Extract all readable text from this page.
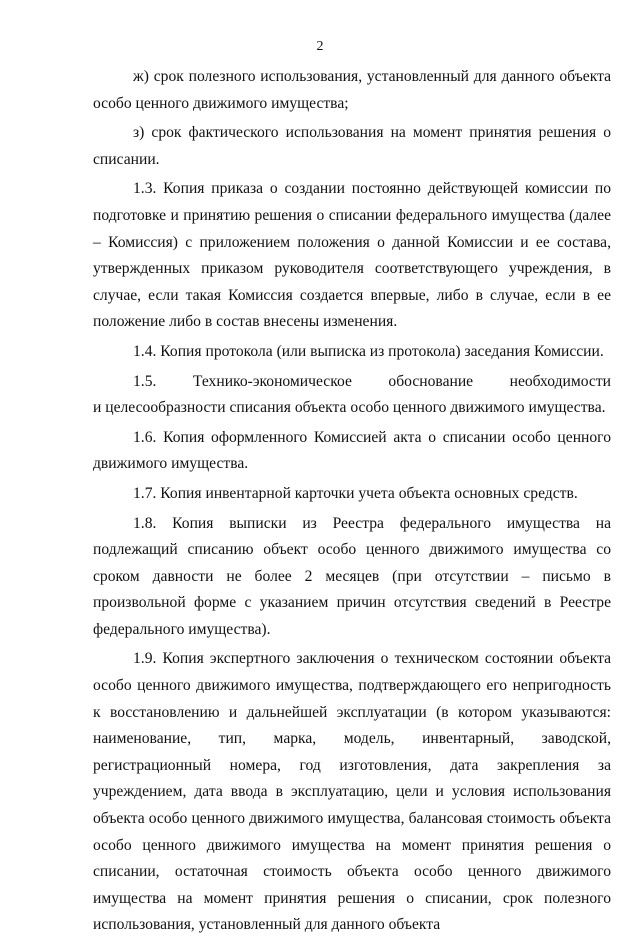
2

ж) срок полезного использования, установленный для данного объекта особо ценного движимого имущества;

з) срок фактического использования на момент принятия решения о списании.

1.3. Копия приказа о создании постоянно действующей комиссии по подготовке и принятию решения о списании федерального имущества (далее – Комиссия) с приложением положения о данной Комиссии и ее состава, утвержденных приказом руководителя соответствующего учреждения, в случае, если такая Комиссия создается впервые, либо в случае, если в ее положение либо в состав внесены изменения.

1.4. Копия протокола (или выписка из протокола) заседания Комиссии.

1.5. Технико-экономическое обоснование необходимости

и целесообразности списания объекта особо ценного движимого имущества.

1.6. Копия оформленного Комиссией акта о списании особо ценного движимого имущества.

1.7. Копия инвентарной карточки учета объекта основных средств.

1.8. Копия выписки из Реестра федерального имущества на подлежащий списанию объект особо ценного движимого имущества со сроком давности не более 2 месяцев (при отсутствии – письмо в произвольной форме с указанием причин отсутствия сведений в Реестре федерального имущества).

1.9. Копия экспертного заключения о техническом состоянии объекта особо ценного движимого имущества, подтверждающего его непригодность к восстановлению и дальнейшей эксплуатации (в котором указываются: наименование, тип, марка, модель, инвентарный, заводской, регистрационный номера, год изготовления, дата закрепления за учреждением, дата ввода в эксплуатацию, цели и условия использования объекта особо ценного движимого имущества, балансовая стоимость объекта особо ценного движимого имущества на момент принятия решения о списании, остаточная стоимость объекта особо ценного движимого имущества на момент принятия решения о списании, срок полезного использования, установленный для данного объекта
